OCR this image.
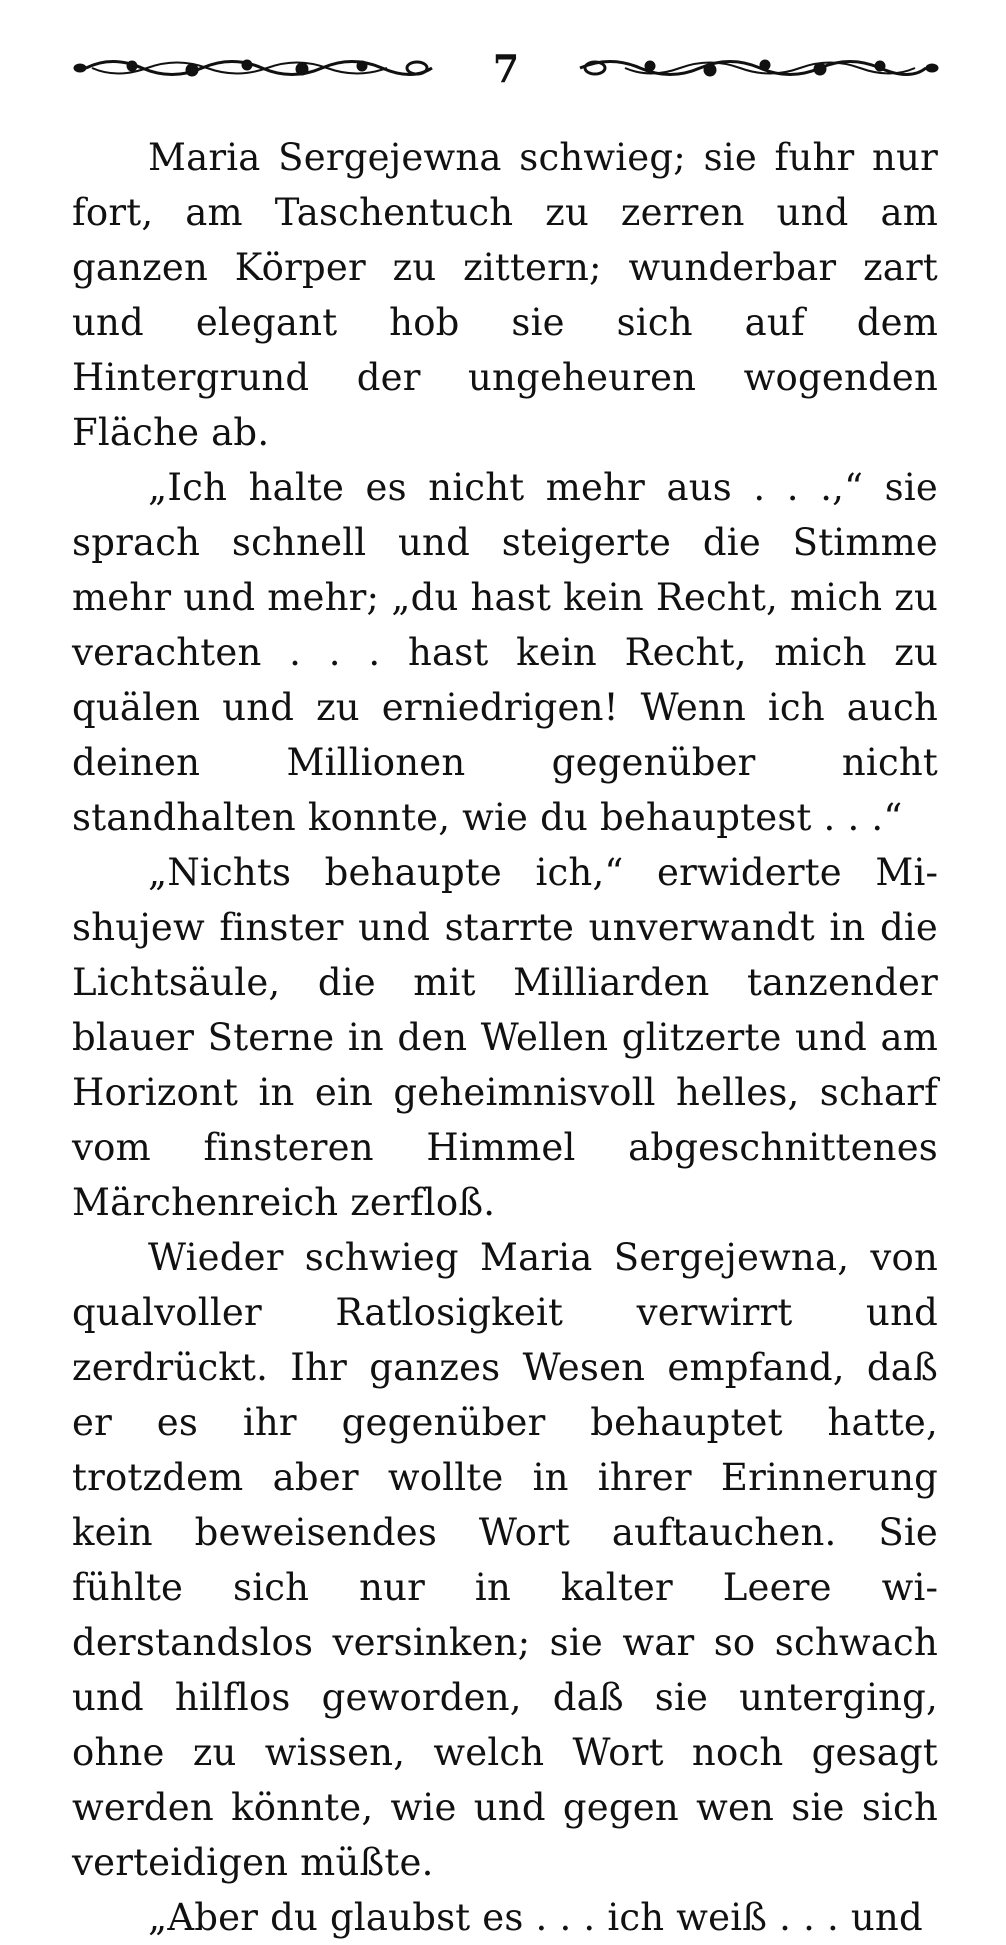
7

Maria Sergejewna schwieg; sie fuhr nur fort, am Taschentuch zu zerren und am ganzen Körper zu zittern; wunderbar zart und elegant hob sie sich auf dem Hintergrund der ungeheuren wogenden Fläche ab.

„Ich halte es nicht mehr aus . . .,“ sie sprach schnell und steigerte die Stimme mehr und mehr; „du hast kein Recht, mich zu verachten . . . hast kein Recht, mich zu quälen und zu erniedrigen! Wenn ich auch deinen Millionen gegenüber nicht standhalten konnte, wie du behauptest . . .“

„Nichts behaupte ich,“ erwiderte Mishujew finster und starrte unverwandt in die Lichtsäule, die mit Milliarden tanzender blauer Sterne in den Wellen glitzerte und am Horizont in ein geheimnisvoll helles, scharf vom finsteren Himmel abgeschnittenes Märchenreich zerfloß.

Wieder schwieg Maria Sergejewna, von qualvoller Ratlosigkeit verwirrt und zerdrückt. Ihr ganzes Wesen empfand, daß er es ihr gegenüber behauptet hatte, trotzdem aber wollte in ihrer Erinnerung kein beweisendes Wort auftauchen. Sie fühlte sich nur in kalter Leere widerstandslos versinken; sie war so schwach und hilflos geworden, daß sie unterging, ohne zu wissen, welch Wort noch gesagt werden könnte, wie und gegen wen sie sich verteidigen müßte.

„Aber du glaubst es . . . ich weiß . . . und
